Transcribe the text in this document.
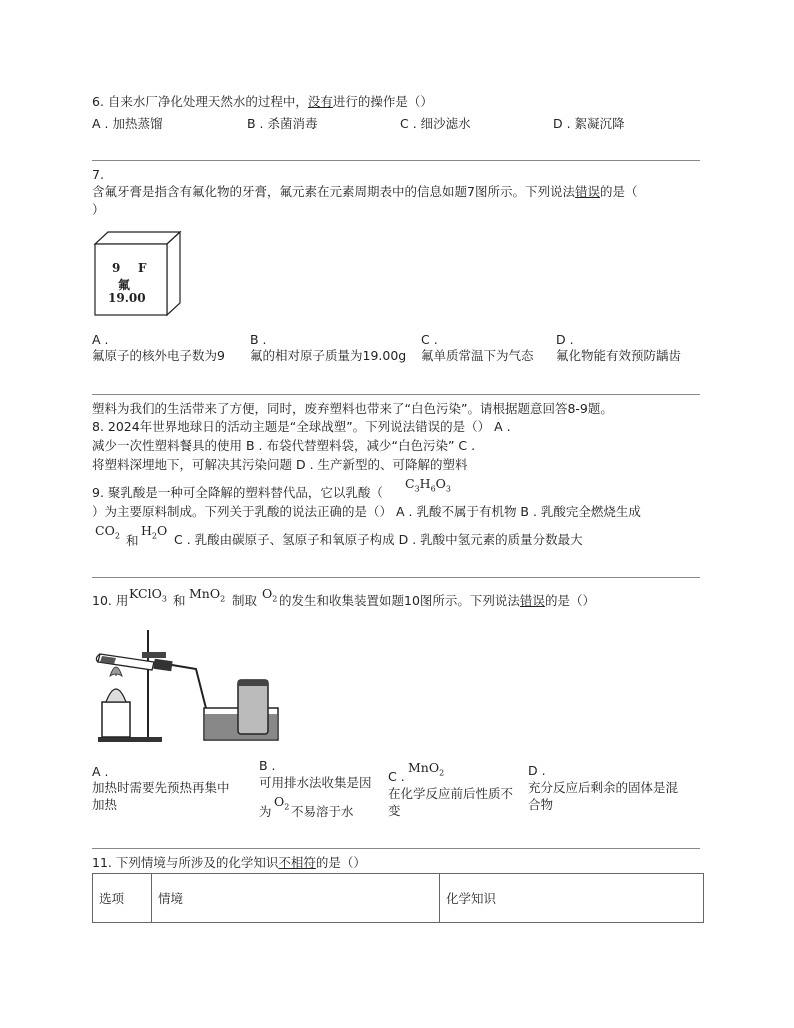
6. 自来水厂净化处理天然水的过程中，没有进行的操作是（）
A . 加热蒸馏	B . 杀菌消毒	C . 细沙滤水	D . 絮凝沉降
7.
含氟牙膏是指含有氟化物的牙膏，氟元素在元素周期表中的信息如题7图所示。下列说法错误的是（
）
9 F
氟
19.00
A .
氟原子的核外电子数为9
B .
氟的相对原子质量为19.00g
C .
氟单质常温下为气态
D .
氟化物能有效预防龋齿
塑料为我们的生活带来了方便，同时，废弃塑料也带来了“白色污染”。请根据题意回答8-9题。
8. 2024年世界地球日的活动主题是“全球战塑”。下列说法错误的是（） A .
减少一次性塑料餐具的使用 B . 布袋代替塑料袋，减少“白色污染” C .
将塑料深埋地下，可解决其污染问题 D . 生产新型的、可降解的塑料
9. 聚乳酸是一种可全降解的塑料替代品，它以乳酸（
$C_3H_6O_3$
）为主要原料制成。下列关于乳酸的说法正确的是（） A . 乳酸不属于有机物 B . 乳酸完全燃烧生成
$CO_2$ 和
$H_2O$
C . 乳酸由碳原子、氢原子和氧原子构成 D . 乳酸中氢元素的质量分数最大
10. 用 KClO$_3$ 和 MnO$_2$ 制取 $O_2$ 的发生和收集装置如题10图所示。下列说法错误的是（）
A .
加热时需要先预热再集中
加热
B .
可用排水法收集是因
为
$O_2$ 不易溶于水
C .
MnO$_2$
在化学反应前后性质不
变
D .
充分反应后剩余的固体是混
合物
11. 下列情境与所涉及的化学知识不相符的是（）
选项	情境	化学知识
